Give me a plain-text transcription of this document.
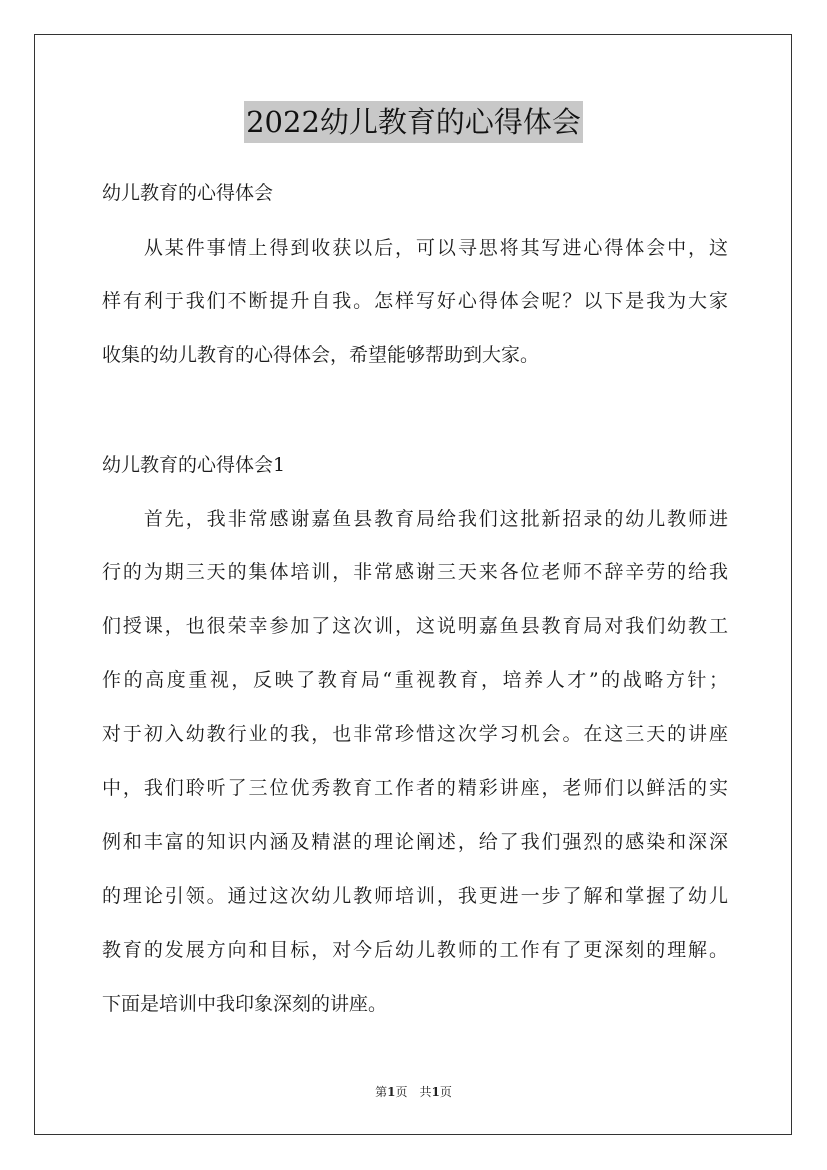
2022幼儿教育的心得体会
幼儿教育的心得体会
　　从某件事情上得到收获以后，可以寻思将其写进心得体会中，这
样有利于我们不断提升自我。怎样写好心得体会呢？以下是我为大家
收集的幼儿教育的心得体会，希望能够帮助到大家。
幼儿教育的心得体会1
　　首先，我非常感谢嘉鱼县教育局给我们这批新招录的幼儿教师进
行的为期三天的集体培训，非常感谢三天来各位老师不辞辛劳的给我
们授课，也很荣幸参加了这次训，这说明嘉鱼县教育局对我们幼教工
作的高度重视，反映了教育局“重视教育，培养人才”的战略方针；
对于初入幼教行业的我，也非常珍惜这次学习机会。在这三天的讲座
中，我们聆听了三位优秀教育工作者的精彩讲座，老师们以鲜活的实
例和丰富的知识内涵及精湛的理论阐述，给了我们强烈的感染和深深
的理论引领。通过这次幼儿教师培训，我更进一步了解和掌握了幼儿
教育的发展方向和目标，对今后幼儿教师的工作有了更深刻的理解。
下面是培训中我印象深刻的讲座。
第1页　共1页
